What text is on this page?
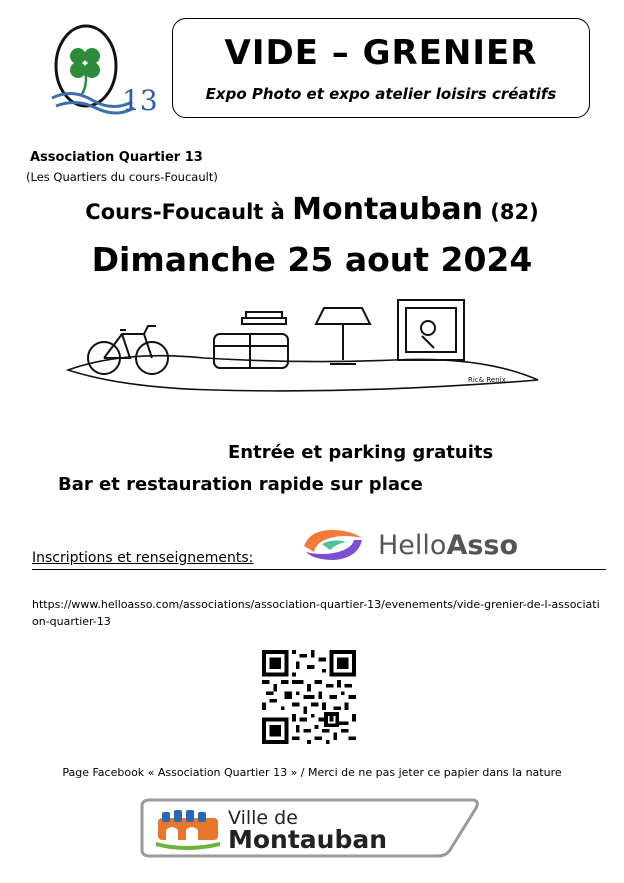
13
VIDE – GRENIER
Expo Photo et expo atelier loisirs créatifs
Association Quartier 13
(Les Quartiers du cours-Foucault)
Cours-Foucault à Montauban (82)
Dimanche 25 aout 2024
Ric& Renix
Entrée et parking gratuits
Bar et restauration rapide sur place
Inscriptions et renseignements:	HelloAsso
https://www.helloasso.com/associations/association-quartier-13/evenements/vide-grenier-de-l-association-quartier-13
Page Facebook « Association Quartier 13 » / Merci de ne pas jeter ce papier dans la nature
Ville de
Montauban
